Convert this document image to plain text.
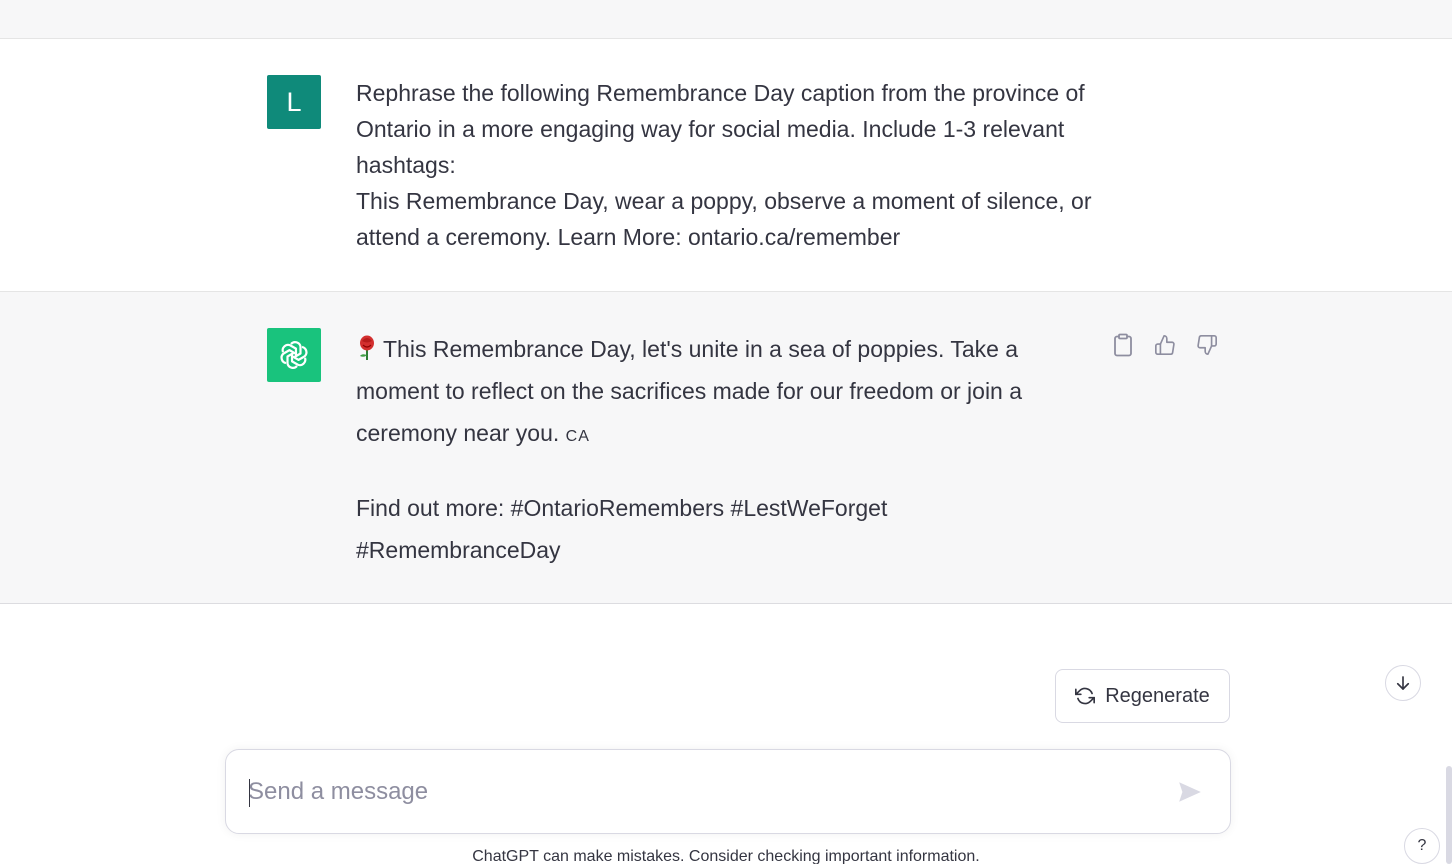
L Rephrase the following Remembrance Day caption from the province of Ontario in a more engaging way for social media. Include 1-3 relevant hashtags:

This Remembrance Day, wear a poppy, observe a moment of silence, or attend a ceremony. Learn More: ontario.ca/remember

This Remembrance Day, let's unite in a sea of poppies. Take a moment to reflect on the sacrifices made for our freedom or join a ceremony near you. CA

Find out more: #OntarioRemembers #LestWeForget #RemembranceDay

Regenerate
Send a message
ChatGPT can make mistakes. Consider checking important information.
?
